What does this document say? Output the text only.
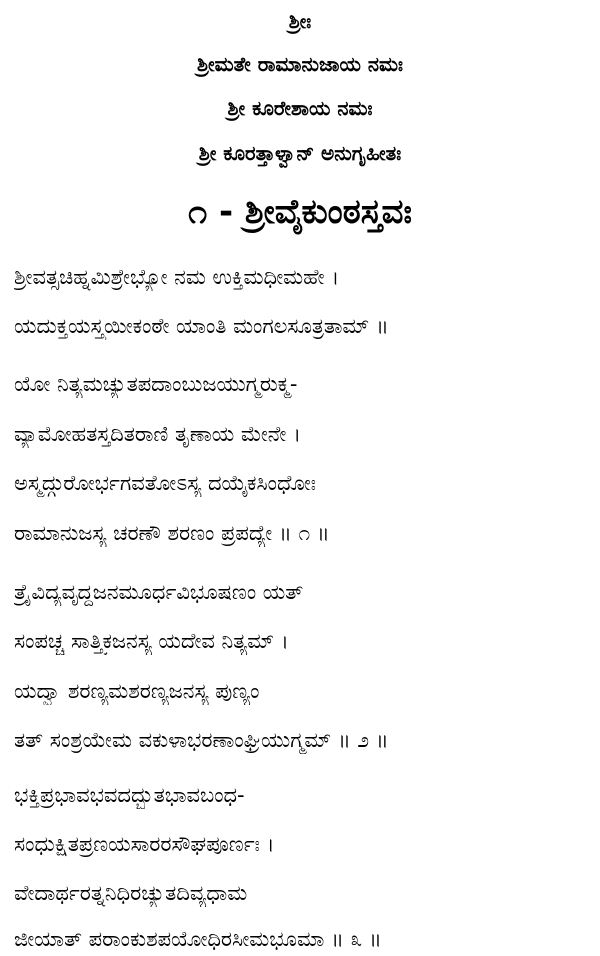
ಶ್ರೀಃ
ಶ್ರೀಮತೇ ರಾಮಾನುಜಾಯ ನಮಃ
ಶ್ರೀ ಕೂರೇಶಾಯ ನಮಃ
ಶ್ರೀ ಕೂರತ್ತಾಳ್ವಾನ್ ಅನುಗೃಹೀತಃ
೧ - ಶ್ರೀವೈಕುಂಠಸ್ತವಃ
ಶ್ರೀವತ್ಸಚಿಹ್ನಮಿಶ್ರೇಭ್ಯೋ ನಮ ಉಕ್ತಿಮಧೀಮಹೇ ।
ಯದುಕ್ತಯಸ್ತ್ರಯೀಕಂಠೇ ಯಾಂತಿ ಮಂಗಲಸೂತ್ರತಾಮ್ ॥
ಯೋ ನಿತ್ಯಮಚ್ಯುತಪದಾಂಬುಜಯುಗ್ಮರುಕ್ಮ-
ವ್ಯಾಮೋಹತಸ್ತದಿತರಾಣಿ ತೃಣಾಯ ಮೇನೇ ।
ಅಸ್ಮದ್ಗುರೋರ್ಭಗವತೋಽಸ್ಯ ದಯೈಕಸಿಂಧೋಃ
ರಾಮಾನುಜಸ್ಯ ಚರಣೌ ಶರಣಂ ಪ್ರಪದ್ಯೇ ॥ ೧ ॥
ತ್ರೈವಿದ್ಯವೃದ್ಧಜನಮೂರ್ಧವಿಭೂಷಣಂ ಯತ್
ಸಂಪಚ್ಚ ಸಾತ್ತ್ವಿಕಜನಸ್ಯ ಯದೇವ ನಿತ್ಯಮ್ ।
ಯದ್ವಾ ಶರಣ್ಯಮಶರಣ್ಯಜನಸ್ಯ ಪುಣ್ಯಂ
ತತ್ ಸಂಶ್ರಯೇಮ ವಕುಳಾಭರಣಾಂಘ್ರಿಯುಗ್ಮಮ್ ॥ ೨ ॥
ಭಕ್ತಿಪ್ರಭಾವಭವದದ್ಭುತಭಾವಬಂಧ-
ಸಂಧುಕ್ಷಿತಪ್ರಣಯಸಾರರಸೌಘಪೂರ್ಣಃ ।
ವೇದಾರ್ಥರತ್ನನಿಧಿರಚ್ಯುತದಿವ್ಯಧಾಮ
ಜೀಯಾತ್ ಪರಾಂಕುಶಪಯೋಧಿರಸೀಮಭೂಮಾ ॥ ೩ ॥
